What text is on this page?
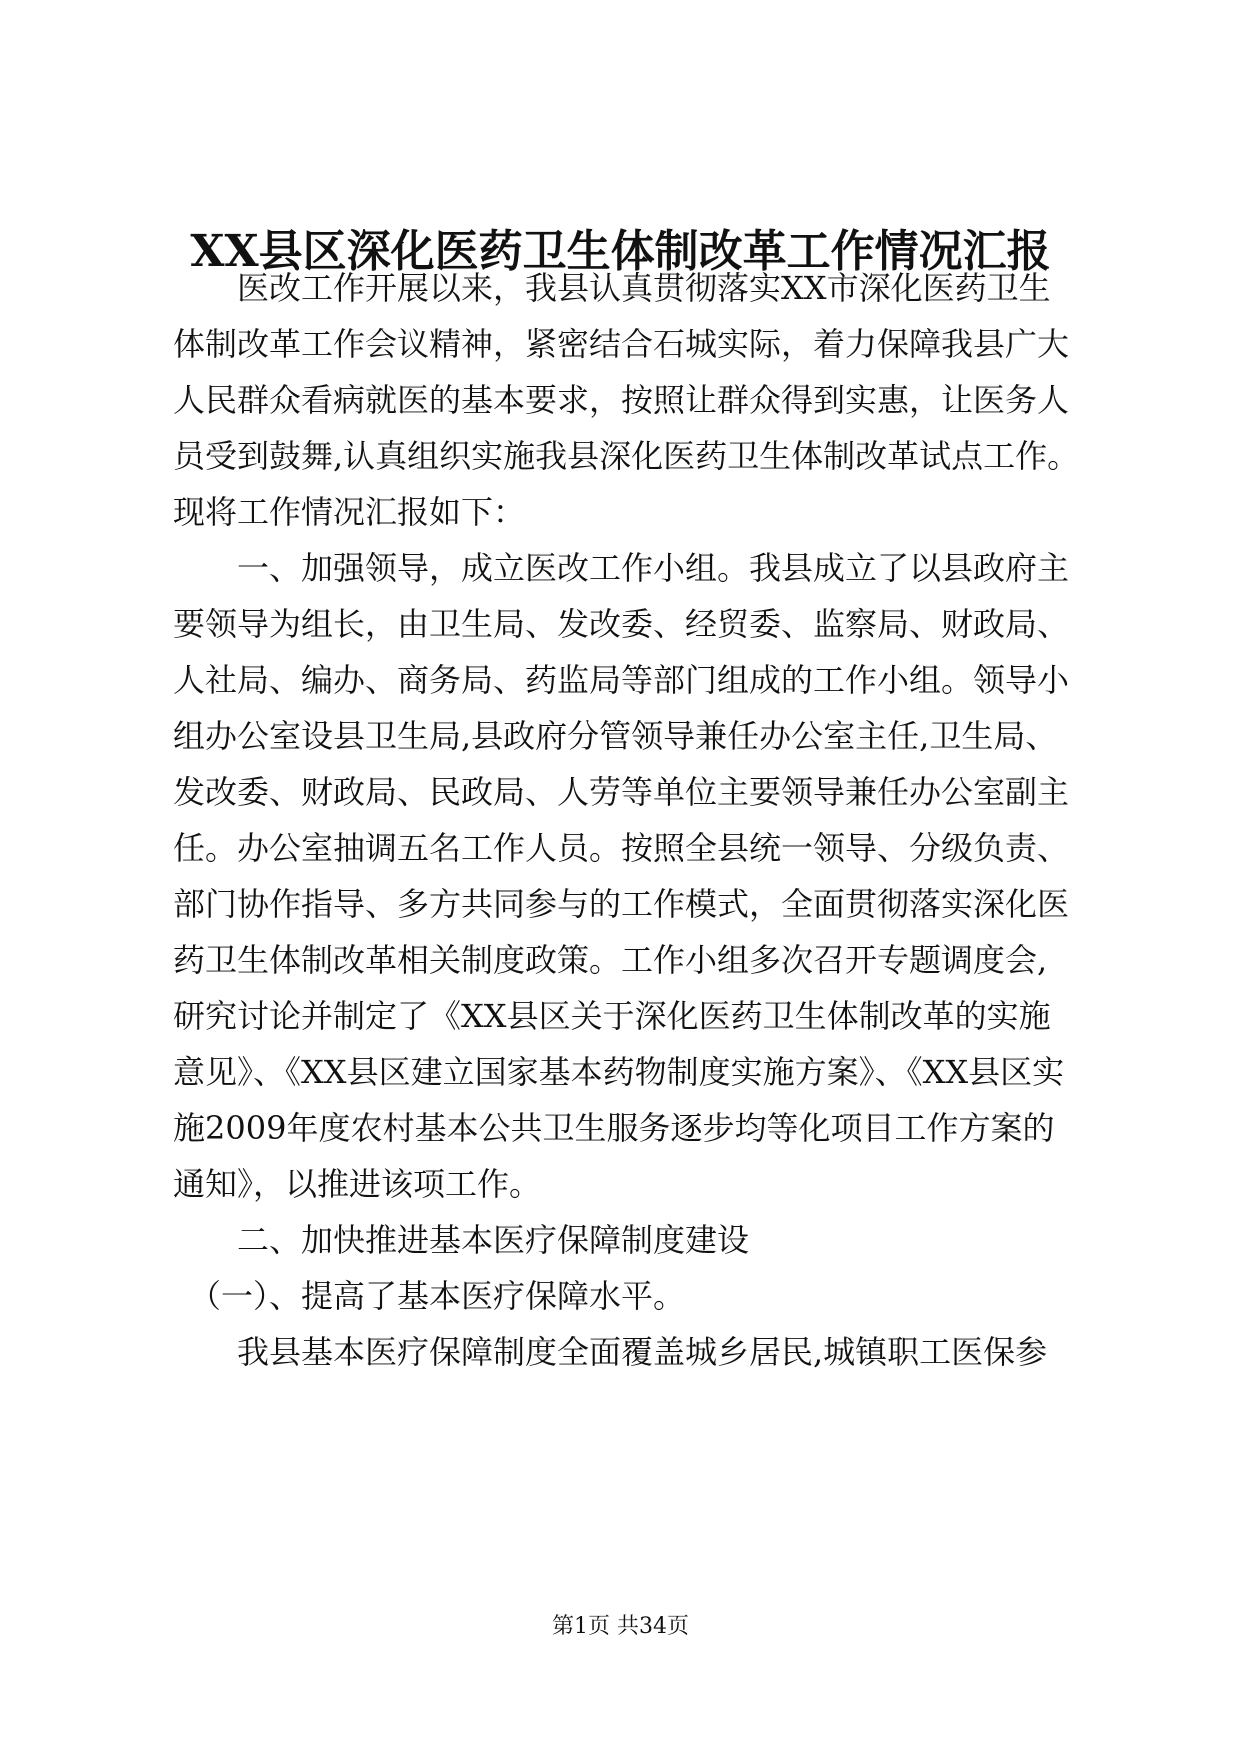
XX县区深化医药卫生体制改革工作情况汇报

　　医改工作开展以来，我县认真贯彻落实XX市深化医药卫生

体制改革工作会议精神，紧密结合石城实际，着力保障我县广大

人民群众看病就医的基本要求，按照让群众得到实惠，让医务人

员受到鼓舞,认真组织实施我县深化医药卫生体制改革试点工作。

现将工作情况汇报如下：

　　一、加强领导，成立医改工作小组。我县成立了以县政府主

要领导为组长，由卫生局、发改委、经贸委、监察局、财政局、

人社局、编办、商务局、药监局等部门组成的工作小组。领导小

组办公室设县卫生局,县政府分管领导兼任办公室主任,卫生局、

发改委、财政局、民政局、人劳等单位主要领导兼任办公室副主

任。办公室抽调五名工作人员。按照全县统一领导、分级负责、

部门协作指导、多方共同参与的工作模式，全面贯彻落实深化医

药卫生体制改革相关制度政策。工作小组多次召开专题调度会,

研究讨论并制定了《XX县区关于深化医药卫生体制改革的实施

意见》、《XX县区建立国家基本药物制度实施方案》、《XX县区实

施2009年度农村基本公共卫生服务逐步均等化项目工作方案的

通知》，以推进该项工作。

　　二、加快推进基本医疗保障制度建设

　（一）、提高了基本医疗保障水平。

　　我县基本医疗保障制度全面覆盖城乡居民,城镇职工医保参

第1页 共34页
